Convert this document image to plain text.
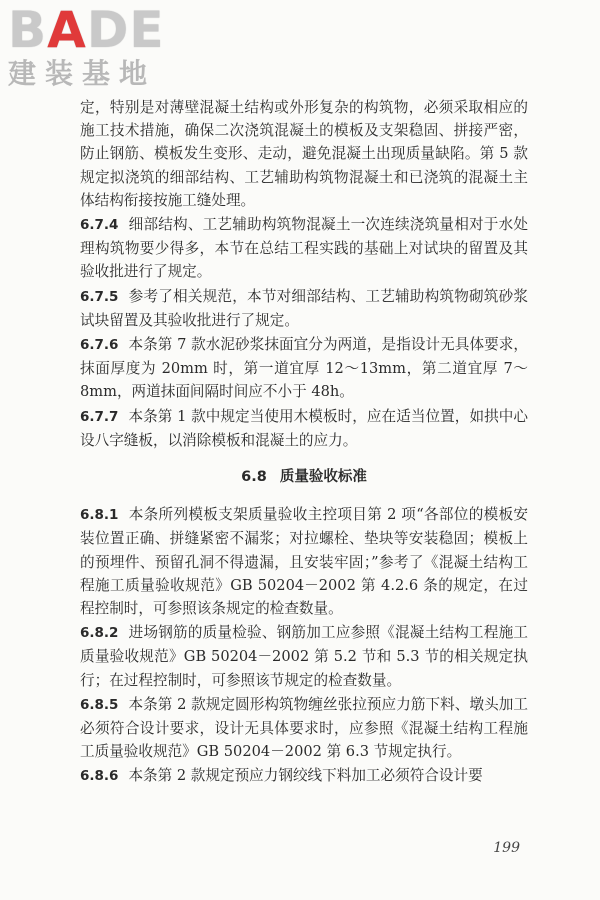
BADE
建装基地

定，特别是对薄壁混凝土结构或外形复杂的构筑物，必须采取相应的施工技术措施，确保二次浇筑混凝土的模板及支架稳固、拼接严密，防止钢筋、模板发生变形、走动，避免混凝土出现质量缺陷。第 5 款规定拟浇筑的细部结构、工艺辅助构筑物混凝土和已浇筑的混凝土主体结构衔接按施工缝处理。

6.7.4 细部结构、工艺辅助构筑物混凝土一次连续浇筑量相对于水处理构筑物要少得多，本节在总结工程实践的基础上对试块的留置及其验收批进行了规定。

6.7.5 参考了相关规范，本节对细部结构、工艺辅助构筑物砌筑砂浆试块留置及其验收批进行了规定。

6.7.6 本条第 7 款水泥砂浆抹面宜分为两道，是指设计无具体要求，抹面厚度为 20mm 时，第一道宜厚 12～13mm，第二道宜厚 7～8mm，两道抹面间隔时间应不小于 48h。

6.7.7 本条第 1 款中规定当使用木模板时，应在适当位置，如拱中心设八字缝板，以消除模板和混凝土的应力。

6.8 质量验收标准

6.8.1 本条所列模板支架质量验收主控项目第 2 项“各部位的模板安装位置正确、拼缝紧密不漏浆；对拉螺栓、垫块等安装稳固；模板上的预埋件、预留孔洞不得遗漏，且安装牢固；”参考了《混凝土结构工程施工质量验收规范》GB 50204－2002 第 4.2.6 条的规定，在过程控制时，可参照该条规定的检查数量。

6.8.2 进场钢筋的质量检验、钢筋加工应参照《混凝土结构工程施工质量验收规范》GB 50204－2002 第 5.2 节和 5.3 节的相关规定执行；在过程控制时，可参照该节规定的检查数量。

6.8.5 本条第 2 款规定圆形构筑物缠丝张拉预应力筋下料、墩头加工必须符合设计要求，设计无具体要求时，应参照《混凝土结构工程施工质量验收规范》GB 50204－2002 第 6.3 节规定执行。

6.8.6 本条第 2 款规定预应力钢绞线下料加工必须符合设计要

199
